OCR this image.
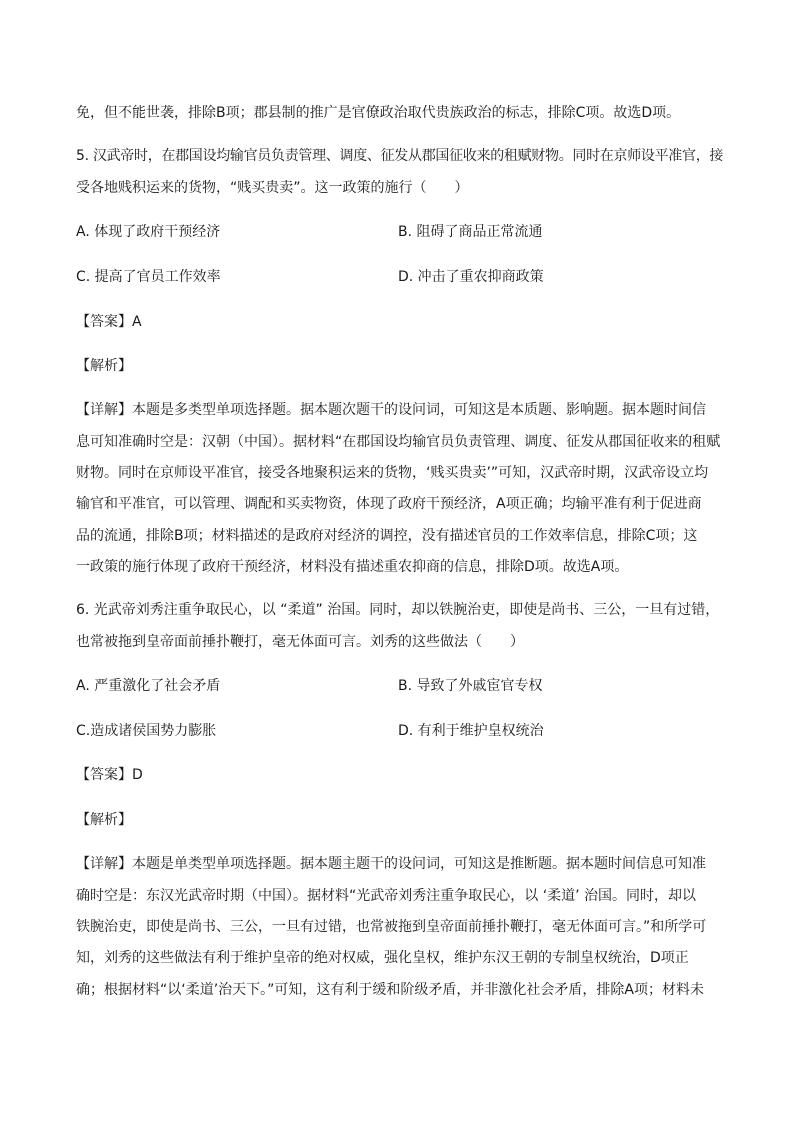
免，但不能世袭，排除B项；郡县制的推广是官僚政治取代贵族政治的标志，排除C项。故选D项。
5. 汉武帝时，在郡国设均输官员负责管理、调度、征发从郡国征收来的租赋财物。同时在京师设平准官，接
受各地贱积运来的货物，“贱买贵卖”。这一政策的施行（　　）
A. 体现了政府干预经济	B. 阻碍了商品正常流通
C. 提高了官员工作效率	D. 冲击了重农抑商政策
【答案】A
【解析】
【详解】本题是多类型单项选择题。据本题次题干的设问词，可知这是本质题、影响题。据本题时间信
息可知准确时空是：汉朝（中国）。据材料“在郡国设均输官员负责管理、调度、征发从郡国征收来的租赋
财物。同时在京师设平准官，接受各地聚积运来的货物，‘贱买贵卖’”可知，汉武帝时期，汉武帝设立均
输官和平准官，可以管理、调配和买卖物资，体现了政府干预经济，A项正确；均输平准有利于促进商
品的流通，排除B项；材料描述的是政府对经济的调控，没有描述官员的工作效率信息，排除C项；这
一政策的施行体现了政府干预经济，材料没有描述重农抑商的信息，排除D项。故选A项。
6. 光武帝刘秀注重争取民心，以 “柔道” 治国。同时，却以铁腕治吏，即使是尚书、三公，一旦有过错，
也常被拖到皇帝面前捶扑鞭打，毫无体面可言。刘秀的这些做法（　　）
A. 严重激化了社会矛盾	B. 导致了外戚宦官专权
C.造成诸侯国势力膨胀	D. 有利于维护皇权统治
【答案】D
【解析】
【详解】本题是单类型单项选择题。据本题主题干的设问词，可知这是推断题。据本题时间信息可知准
确时空是：东汉光武帝时期（中国）。据材料“光武帝刘秀注重争取民心，以 ‘柔道’ 治国。同时，却以
铁腕治吏，即使是尚书、三公，一旦有过错，也常被拖到皇帝面前捶扑鞭打，毫无体面可言。”和所学可
知，刘秀的这些做法有利于维护皇帝的绝对权威，强化皇权，维护东汉王朝的专制皇权统治，D项正
确；根据材料“以‘柔道’治天下。”可知，这有利于缓和阶级矛盾，并非激化社会矛盾，排除A项；材料未
